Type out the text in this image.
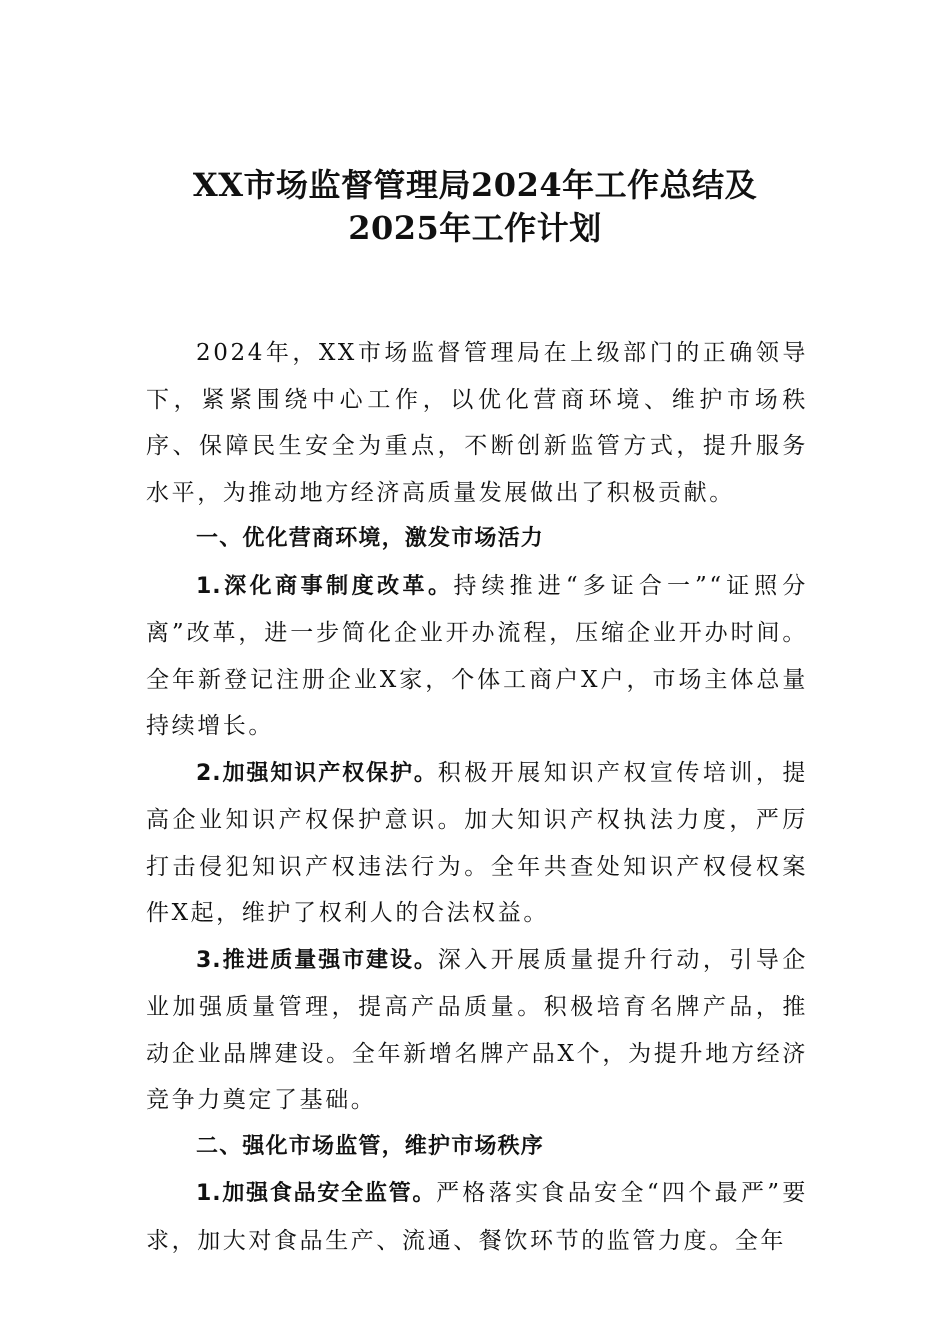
XX市场监督管理局2024年工作总结及
2025年工作计划

2024年，XX市场监督管理局在上级部门的正确领导下，紧紧围绕中心工作，以优化营商环境、维护市场秩序、保障民生安全为重点，不断创新监管方式，提升服务水平，为推动地方经济高质量发展做出了积极贡献。

一、优化营商环境，激发市场活力

1.深化商事制度改革。持续推进“多证合一”“证照分离”改革，进一步简化企业开办流程，压缩企业开办时间。全年新登记注册企业X家，个体工商户X户，市场主体总量持续增长。

2.加强知识产权保护。积极开展知识产权宣传培训，提高企业知识产权保护意识。加大知识产权执法力度，严厉打击侵犯知识产权违法行为。全年共查处知识产权侵权案件X起，维护了权利人的合法权益。

3.推进质量强市建设。深入开展质量提升行动，引导企业加强质量管理，提高产品质量。积极培育名牌产品，推动企业品牌建设。全年新增名牌产品X个，为提升地方经济竞争力奠定了基础。

二、强化市场监管，维护市场秩序

1.加强食品安全监管。严格落实食品安全“四个最严”要求，加大对食品生产、流通、餐饮环节的监管力度。全年
